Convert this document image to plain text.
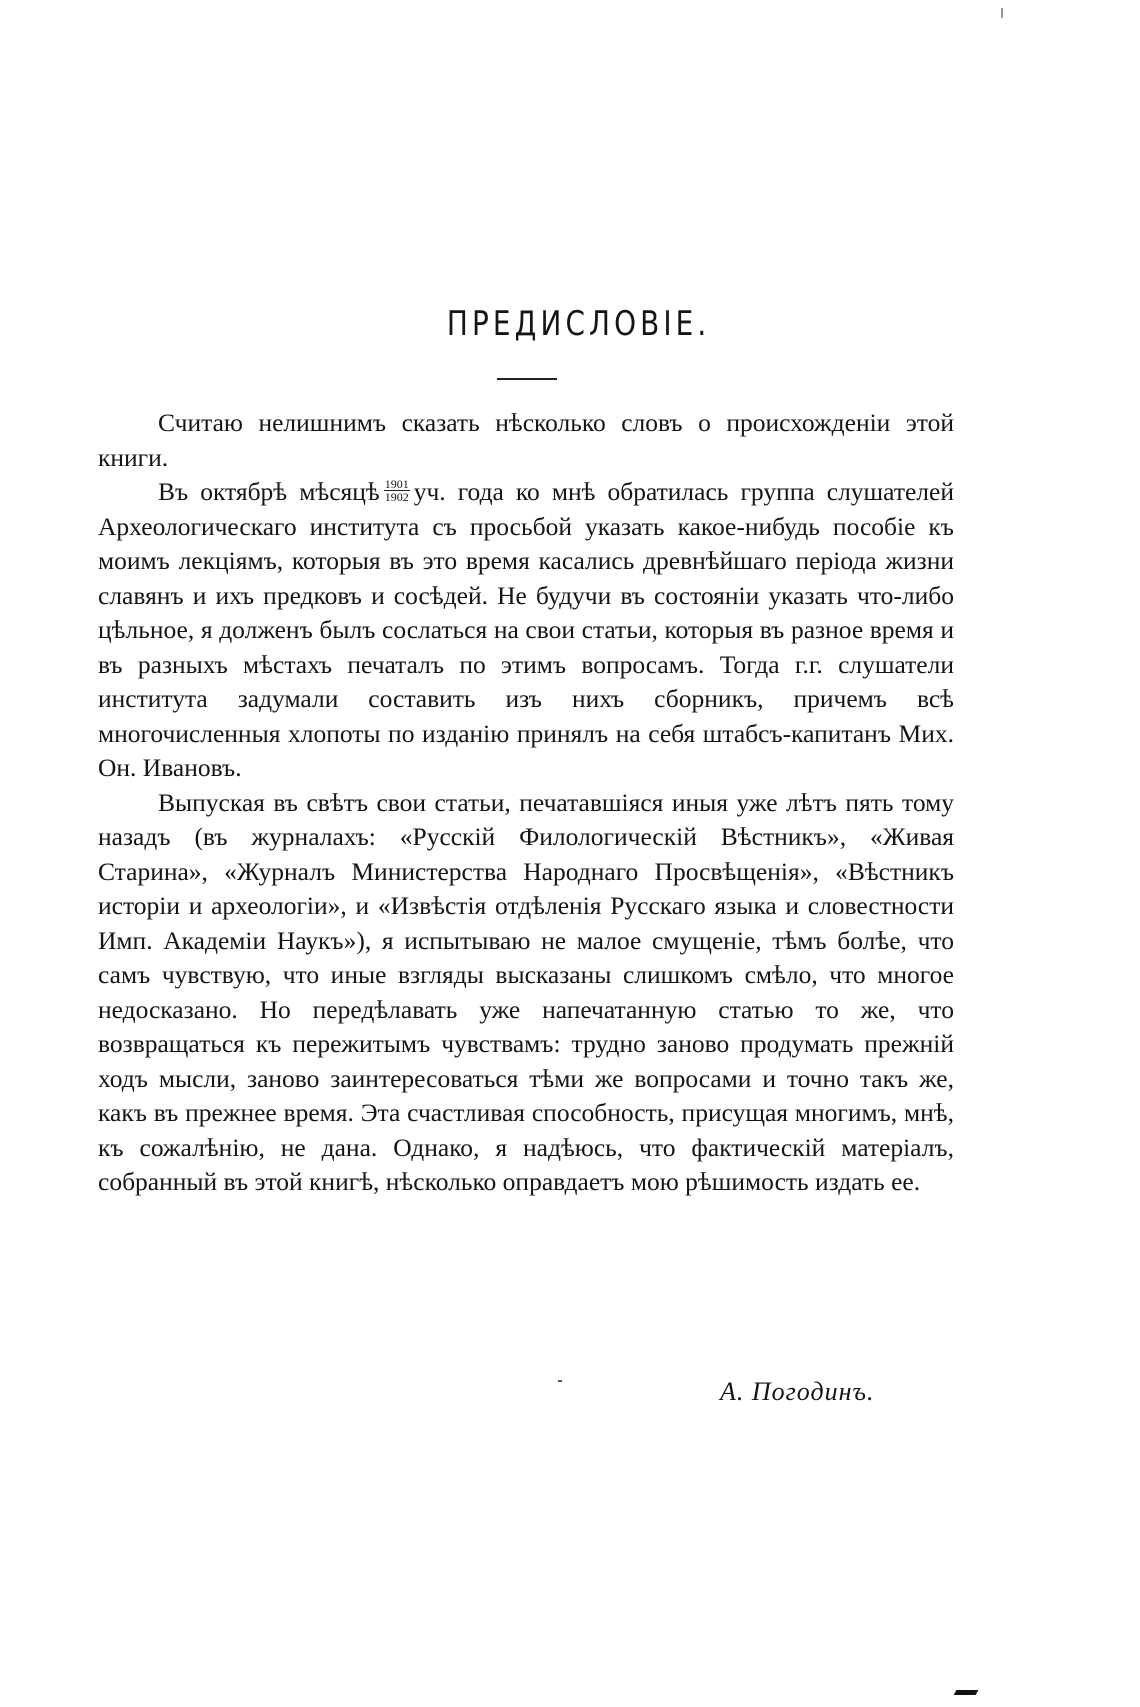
ПРЕДИСЛОВІЕ.

Считаю нелишнимъ сказать нѣсколько словъ о происхожденіи этой книги.

Въ октябрѣ мѣсяцѣ $\frac{1901}{1902}$ уч. года ко мнѣ обратилась группа слушателей Археологическаго института съ просьбой указать какое-нибудь пособіе къ моимъ лекціямъ, которыя въ это время касались древнѣйшаго періода жизни славянъ и ихъ предковъ и сосѣдей. Не будучи въ состояніи указать что-либо цѣльное, я долженъ былъ сослаться на свои статьи, которыя въ разное время и въ разныхъ мѣстахъ печаталъ по этимъ вопросамъ. Тогда г.г. слушатели института задумали составить изъ нихъ сборникъ, причемъ всѣ многочисленныя хлопоты по изданію принялъ на себя штабсъ-капитанъ Мих. Он. Ивановъ.

Выпуская въ свѣтъ свои статьи, печатавшіяся иныя уже лѣтъ пять тому назадъ (въ журналахъ: «Русскій Филологическій Вѣстникъ», «Живая Старина», «Журналъ Министерства Народнаго Просвѣщенія», «Вѣстникъ исторіи и археологіи», и «Извѣстія отдѣленія Русскаго языка и словестности Имп. Академіи Наукъ»), я испытываю не малое смущеніе, тѣмъ болѣе, что самъ чувствую, что иные взгляды высказаны слишкомъ смѣло, что многое недосказано. Но передѣлавать уже напечатанную статью то же, что возвращаться къ пережитымъ чувствамъ: трудно заново продумать прежній ходъ мысли, заново заинтересоваться тѣми же вопросами и точно такъ же, какъ въ прежнее время. Эта счастливая способность, присущая многимъ, мнѣ, къ сожалѣнію, не дана. Однако, я надѣюсь, что фактическій матеріалъ, собранный въ этой книгѣ, нѣсколько оправдаетъ мою рѣшимость издать ее.

А. Погодинъ.
